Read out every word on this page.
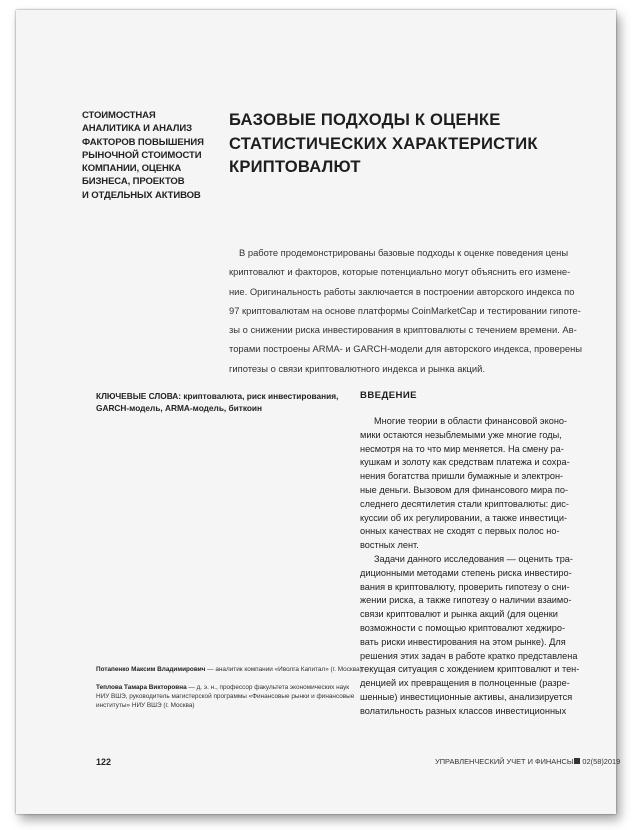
СТОИМОСТНАЯ
АНАЛИТИКА И АНАЛИЗ
ФАКТОРОВ ПОВЫШЕНИЯ
РЫНОЧНОЙ СТОИМОСТИ
КОМПАНИИ, ОЦЕНКА
БИЗНЕСА, ПРОЕКТОВ
И ОТДЕЛЬНЫХ АКТИВОВ
БАЗОВЫЕ ПОДХОДЫ К ОЦЕНКЕ
СТАТИСТИЧЕСКИХ ХАРАКТЕРИСТИК
КРИПТОВАЛЮТ
В работе продемонстрированы базовые подходы к оценке поведения цены
криптовалют и факторов, которые потенциально могут объяснить его измене-
ние. Оригинальность работы заключается в построении авторского индекса по
97 криптовалютам на основе платформы CoinMarketCap и тестировании гипоте-
зы о снижении риска инвестирования в криптовалюты с течением времени. Ав-
торами построены ARMA- и GARCH-модели для авторского индекса, проверены
гипотезы о связи криптовалютного индекса и рынка акций.
КЛЮЧЕВЫЕ СЛОВА: криптовалюта, риск инвестирования,
GARCH-модель, ARMA-модель, биткоин
ВВЕДЕНИЕ
Многие теории в области финансовой эконо-
мики остаются незыблемыми уже многие годы,
несмотря на то что мир меняется. На смену ра-
кушкам и золоту как средствам платежа и сохра-
нения богатства пришли бумажные и электрон-
ные деньги. Вызовом для финансового мира по-
следнего десятилетия стали криптовалюты: дис-
куссии об их регулировании, а также инвестици-
онных качествах не сходят с первых полос но-
востных лент.
Задачи данного исследования — оценить тра-
диционными методами степень риска инвестиро-
вания в криптовалюту, проверить гипотезу о сни-
жении риска, а также гипотезу о наличии взаимо-
связи криптовалют и рынка акций (для оценки
возможности с помощью криптовалют хеджиро-
вать риски инвестирования на этом рынке). Для
решения этих задач в работе кратко представлена
текущая ситуация с хождением криптовалют и тен-
денцией их превращения в полноценные (разре-
шенные) инвестиционные активы, анализируется
волатильность разных классов инвестиционных
Потапенко Максим Владимирович — аналитик компании «Иволга Капитал» (г. Москва)
Теплова Тамара Викторовна — д. э. н., профессор факультета экономических наук
НИУ ВШЭ, руководитель магистерской программы «Финансовые рынки и финансовые
институты» НИУ ВШЭ (г. Москва)
122	УПРАВЛЕНЧЕСКИЙ УЧЕТ И ФИНАНСЫ 02(58)2019
